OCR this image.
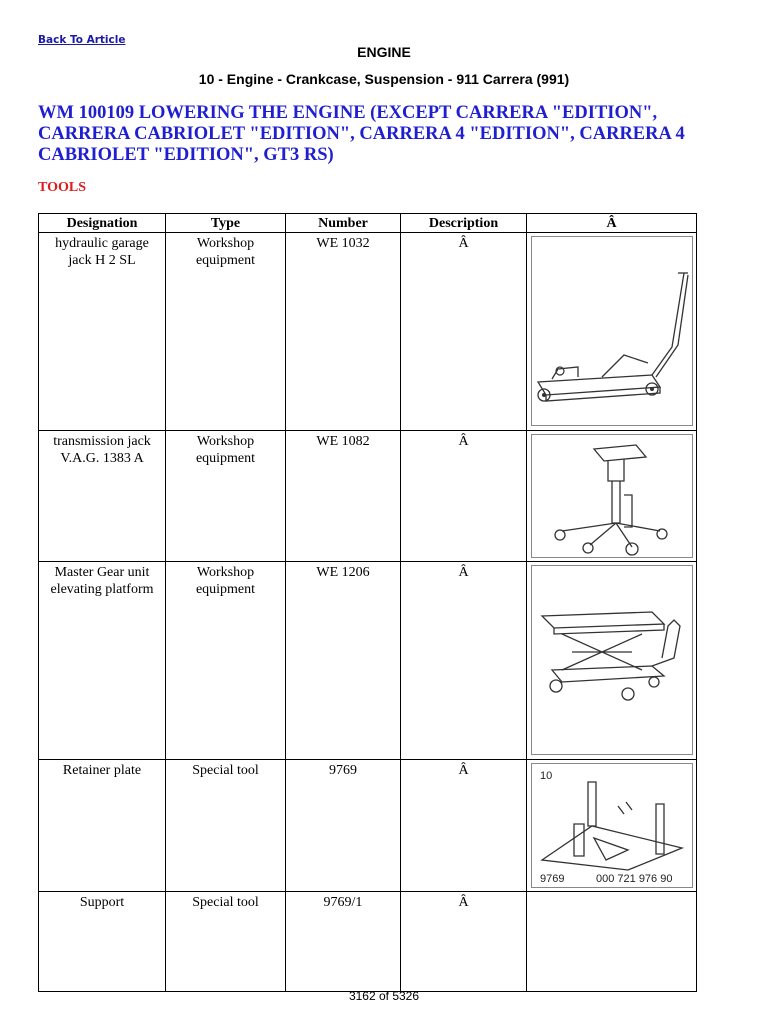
Back To Article
ENGINE
10 - Engine - Crankcase, Suspension - 911 Carrera (991)
WM 100109 LOWERING THE ENGINE (EXCEPT CARRERA "EDITION", CARRERA CABRIOLET "EDITION", CARRERA 4 "EDITION", CARRERA 4 CABRIOLET "EDITION", GT3 RS)
TOOLS
Designation	Type	Number	Description	Â
hydraulic garage jack H 2 SL	Workshop equipment	WE 1032	Â	

transmission jack V.A.G. 1383 A	Workshop equipment	WE 1082	Â	

Master Gear unit elevating platform	Workshop equipment	WE 1206	Â	

Retainer plate	Special tool	9769	Â	10
9769 000 721 976 90

Support	Special tool	9769/1	Â	
3162 of 5326
